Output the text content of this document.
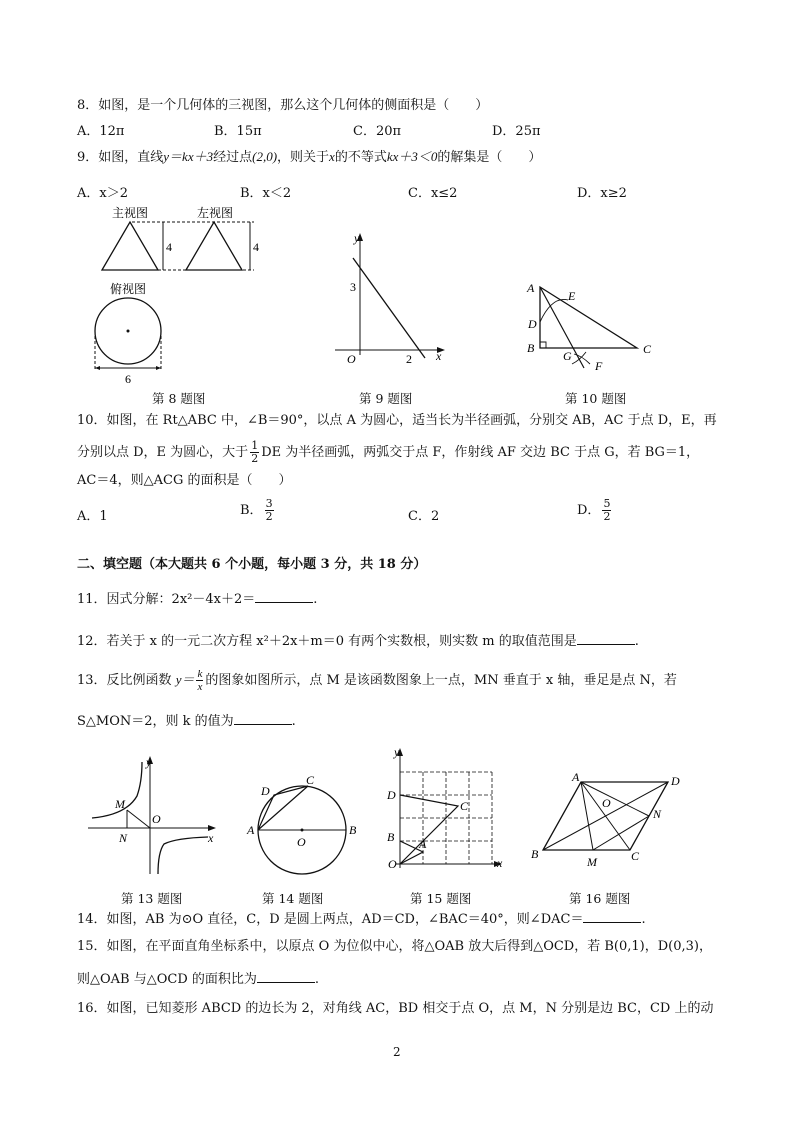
8．如图，是一个几何体的三视图，那么这个几何体的侧面积是（　　）
A．12π	B．15π	C．20π	D．25π
9．如图，直线y＝kx＋3经过点(2,0)，则关于x的不等式kx＋3＜0的解集是（　　）
A．x＞2	B．x＜2	C．x≤2	D．x≥2
主视图	左视图
4	4
俯视图
6
第 8 题图
y
x
O
3
2
第 9 题图
A
B	C
D
E
G
F
第 10 题图
10．如图，在 Rt△ABC 中，∠B＝90°，以点 A 为圆心，适当长为半径画弧，分别交 AB，AC 于点 D，E，再
分别以点 D，E 为圆心，大于 $\frac{1}{2}$ DE 为半径画弧，两弧交于点 F，作射线 AF 交边 BC 于点 G，若 BG＝1，
AC＝4，则△ACG 的面积是（　　）
A．1	B． $\frac{3}{2}$	C．2	D． $\frac{5}{2}$
二、填空题（本大题共 6 个小题，每小题 3 分，共 18 分）
11．因式分解：2x²－4x＋2＝	.
12．若关于 x 的一元二次方程 x²＋2x＋m＝0 有两个实数根，则实数 m 的取值范围是	.
13．反比例函数 $y= \frac{k}{x}$ 的图象如图所示，点 M 是该函数图象上一点，MN 垂直于 x 轴，垂足是点 N，若
S△MON＝2，则 k 的值为	.
y
x
M
N
O
第 13 题图
A	B
C
D
O
第 14 题图
y
x
O
A
B
C
D
第 15 题图
A	D
B	C
M
N
O
第 16 题图
14．如图，AB 为⊙O 直径，C，D 是圆上两点，AD＝CD，∠BAC＝40°，则∠DAC＝	.
15．如图，在平面直角坐标系中，以原点 O 为位似中心，将△OAB 放大后得到△OCD，若 B(0,1)，D(0,3)，
则△OAB 与△OCD 的面积比为	.
16．如图，已知菱形 ABCD 的边长为 2，对角线 AC，BD 相交于点 O，点 M，N 分别是边 BC，CD 上的动
2
